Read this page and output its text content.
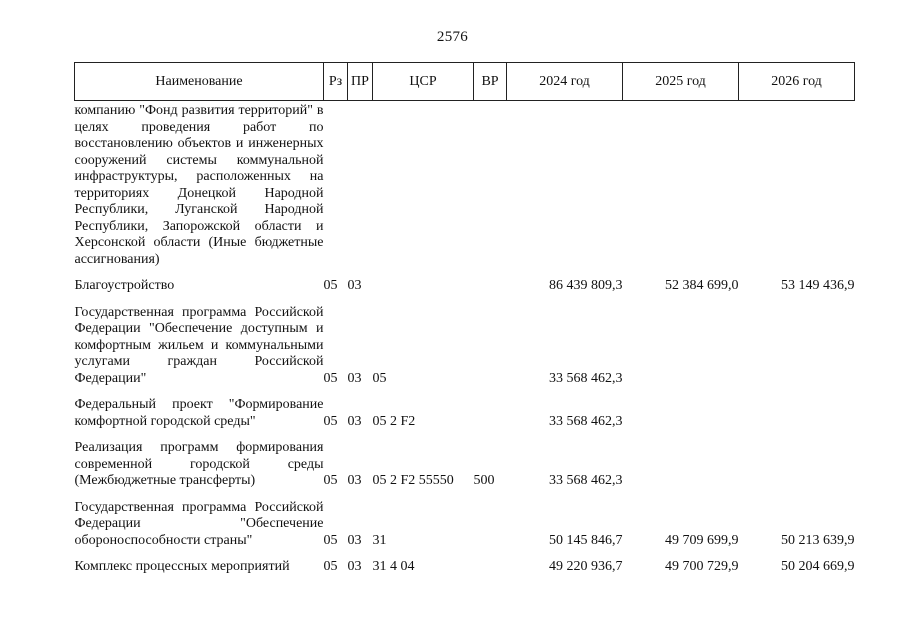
2576
Наименование	Рз	ПР	ЦСР	ВР	2024 год	2025 год	2026 год
компанию "Фонд развития территорий" в целях проведения работ по восстановлению объектов и инженерных сооружений системы коммунальной инфраструктуры, расположенных на территориях Донецкой Народной Республики, Луганской Народной Республики, Запорожской области и Херсонской области (Иные бюджетные ассигнования)							

Благоустройство	05	03			86 439 809,3	52 384 699,0	53 149 436,9

Государственная программа Российской Федерации "Обеспечение доступным и комфортным жильем и коммунальными услугами граждан Российской Федерации"	05	03	05		33 568 462,3		

Федеральный проект "Формирование комфортной городской среды"	05	03	05 2 F2		33 568 462,3		

Реализация программ формирования современной городской среды (Межбюджетные трансферты)	05	03	05 2 F2 55550	500	33 568 462,3		

Государственная программа Российской Федерации "Обеспечение обороноспособности страны"	05	03	31		50 145 846,7	49 709 699,9	50 213 639,9

Комплекс процессных мероприятий	05	03	31 4 04		49 220 936,7	49 700 729,9	50 204 669,9
